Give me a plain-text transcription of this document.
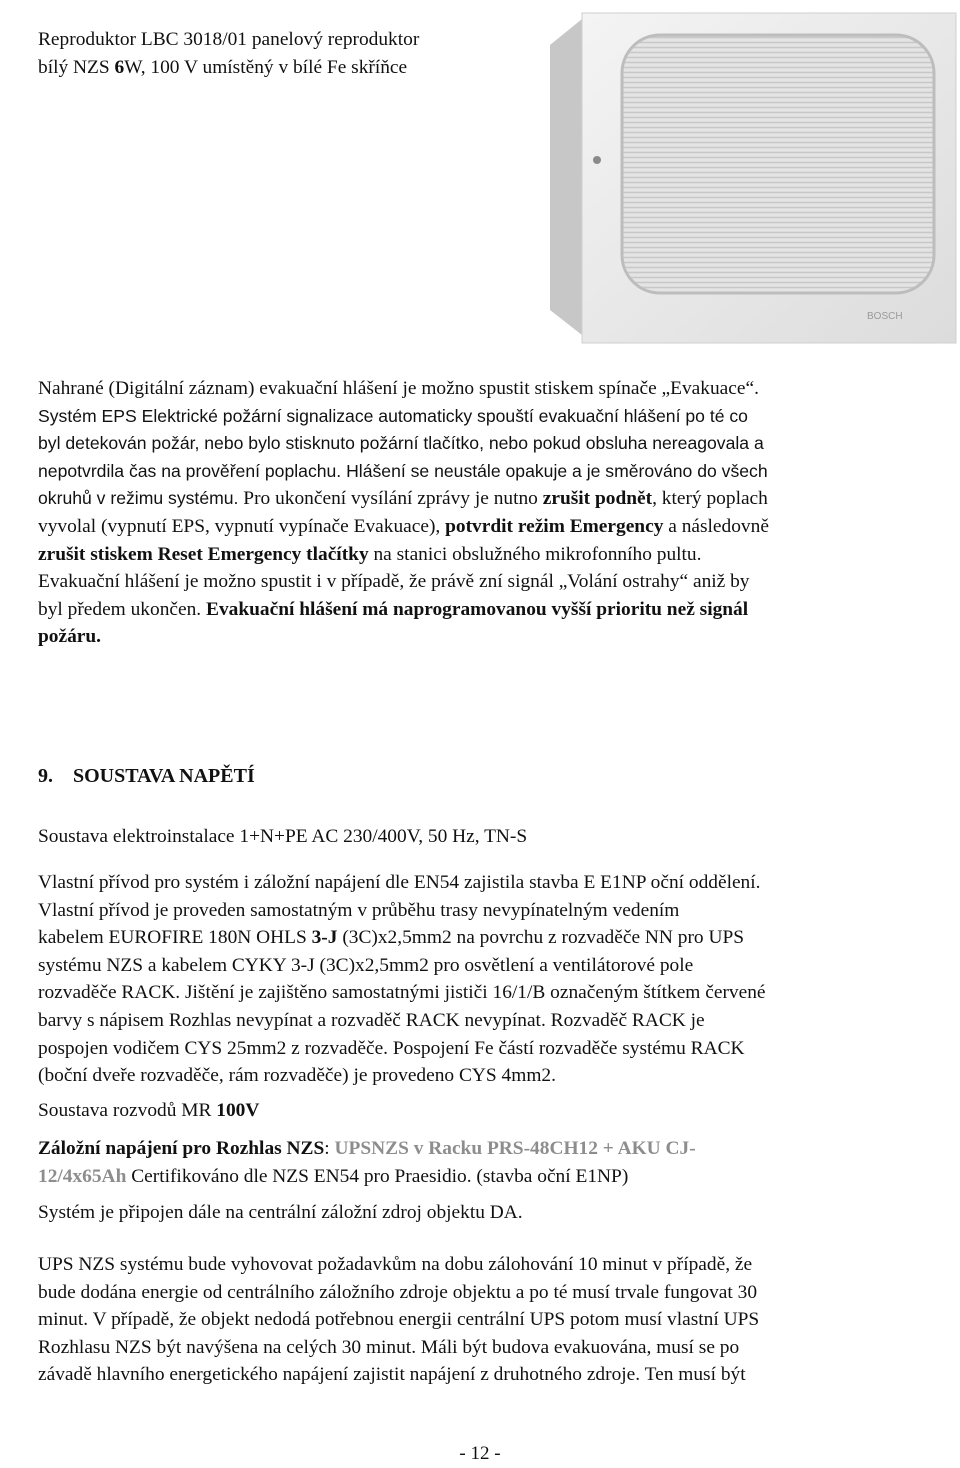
Reproduktor LBC 3018/01 panelový reproduktor
bílý NZS 6W, 100 V umístěný v bílé Fe skříňce
BOSCH
Nahrané (Digitální záznam) evakuační hlášení je možno spustit stiskem spínače „Evakuace“.
Systém EPS Elektrické požární signalizace automaticky spouští evakuační hlášení po té co
byl detekován požár, nebo bylo stisknuto požární tlačítko, nebo pokud obsluha nereagovala a
nepotvrdila čas na prověření poplachu. Hlášení se neustále opakuje a je směrováno do všech
okruhů v režimu systému. Pro ukončení vysílání zprávy je nutno zrušit podnět, který poplach
vyvolal (vypnutí EPS, vypnutí vypínače Evakuace), potvrdit režim Emergency a následovně
zrušit stiskem Reset Emergency tlačítky na stanici obslužného mikrofonního pultu.
Evakuační hlášení je možno spustit i v případě, že právě zní signál „Volání ostrahy“ aniž by
byl předem ukončen. Evakuační hlášení má naprogramovanou vyšší prioritu než signál
požáru.
9. SOUSTAVA NAPĚTÍ
Soustava elektroinstalace 1+N+PE AC 230/400V, 50 Hz, TN-S
Vlastní přívod pro systém i záložní napájení dle EN54 zajistila stavba E E1NP oční oddělení.
Vlastní přívod je proveden samostatným v průběhu trasy nevypínatelným vedením
kabelem EUROFIRE 180N OHLS 3-J (3C)x2,5mm2 na povrchu z rozvaděče NN pro UPS
systému NZS a kabelem CYKY 3-J (3C)x2,5mm2 pro osvětlení a ventilátorové pole
rozvaděče RACK. Jištění je zajištěno samostatnými jističi 16/1/B označeným štítkem červené
barvy s nápisem Rozhlas nevypínat a rozvaděč RACK nevypínat. Rozvaděč RACK je
pospojen vodičem CYS 25mm2 z rozvaděče. Pospojení Fe částí rozvaděče systému RACK
(boční dveře rozvaděče, rám rozvaděče) je provedeno CYS 4mm2.
Soustava rozvodů MR 100V
Záložní napájení pro Rozhlas NZS: UPSNZS v Racku PRS-48CH12 + AKU CJ-
12/4x65Ah Certifikováno dle NZS EN54 pro Praesidio. (stavba oční E1NP)
Systém je připojen dále na centrální záložní zdroj objektu DA.
UPS NZS systému bude vyhovovat požadavkům na dobu zálohování 10 minut v případě, že
bude dodána energie od centrálního záložního zdroje objektu a po té musí trvale fungovat 30
minut. V případě, že objekt nedodá potřebnou energii centrální UPS potom musí vlastní UPS
Rozhlasu NZS být navýšena na celých 30 minut. Máli být budova evakuována, musí se po
závadě hlavního energetického napájení zajistit napájení z druhotného zdroje. Ten musí být
- 12 -
